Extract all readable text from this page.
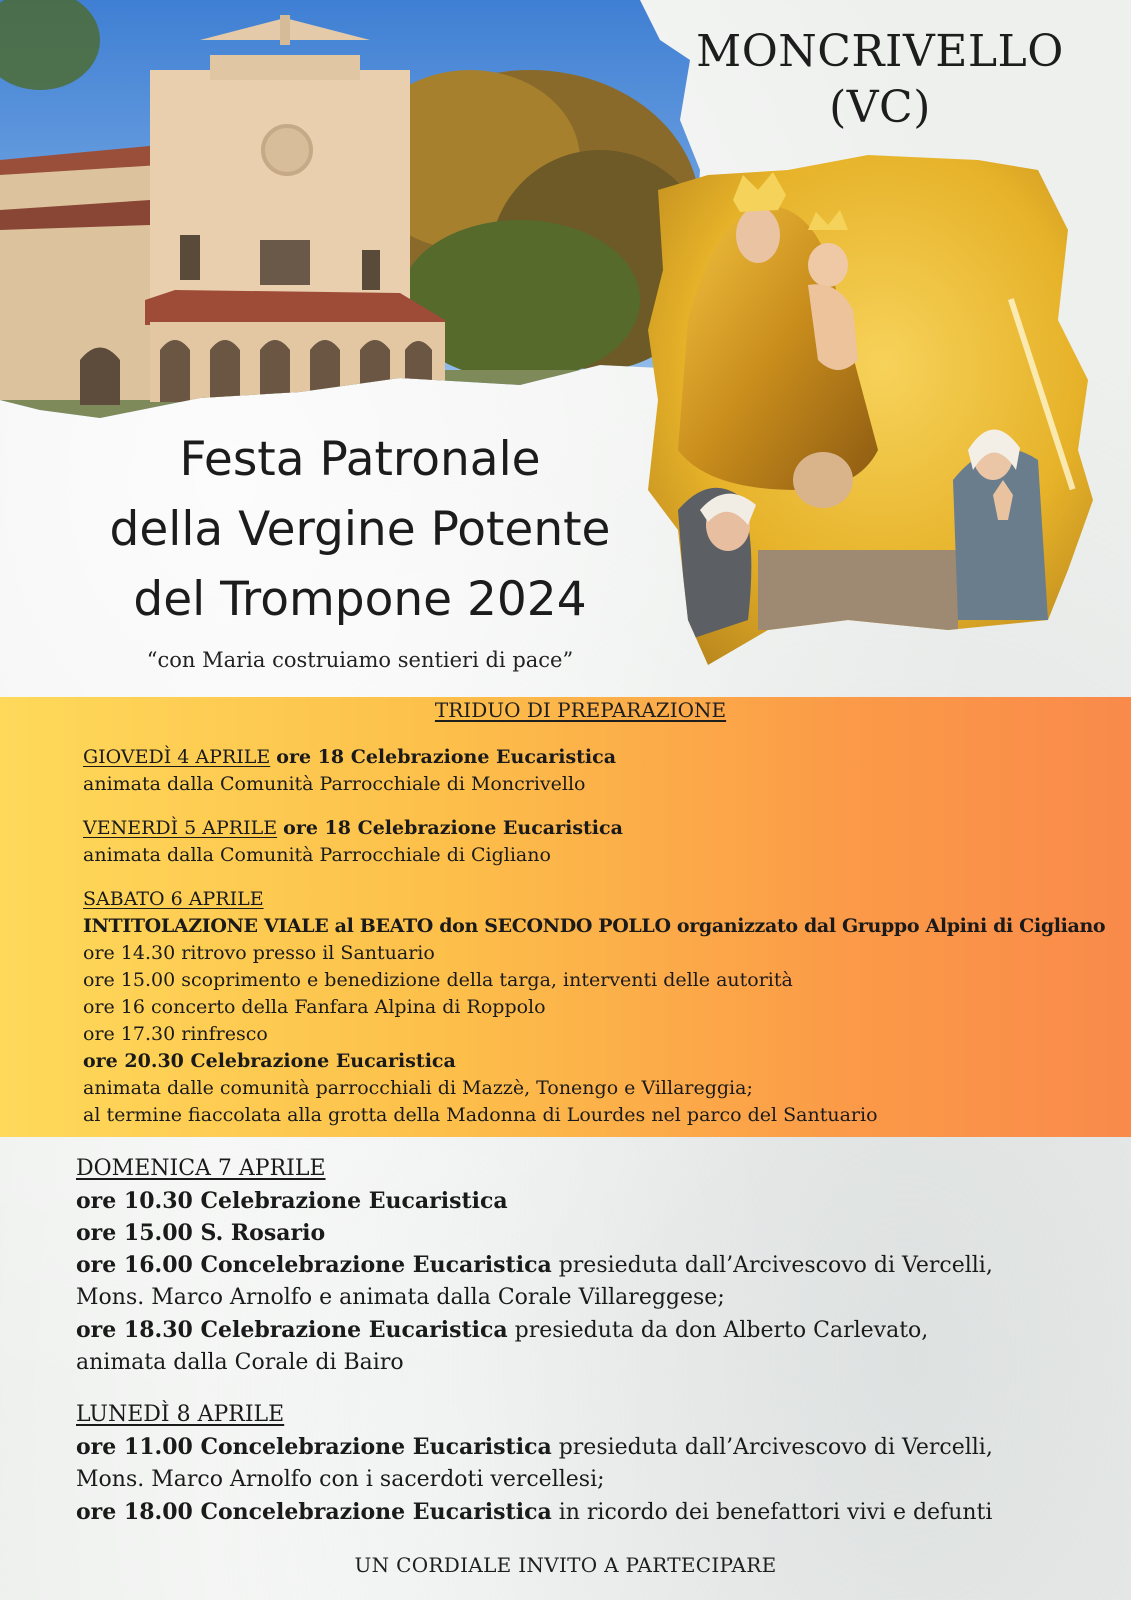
MONCRIVELLO
(VC)
Festa Patronale
della Vergine Potente
del Trompone 2024
“con Maria costruiamo sentieri di pace”
TRIDUO DI PREPARAZIONE
GIOVEDÌ 4 APRILE ore 18 Celebrazione Eucaristica
animata dalla Comunità Parrocchiale di Moncrivello
VENERDÌ 5 APRILE ore 18 Celebrazione Eucaristica
animata dalla Comunità Parrocchiale di Cigliano
SABATO 6 APRILE
INTITOLAZIONE VIALE al BEATO don SECONDO POLLO organizzato dal Gruppo Alpini di Cigliano
ore 14.30 ritrovo presso il Santuario
ore 15.00 scoprimento e benedizione della targa, interventi delle autorità
ore 16 concerto della Fanfara Alpina di Roppolo
ore 17.30 rinfresco
ore 20.30 Celebrazione Eucaristica
animata dalle comunità parrocchiali di Mazzè, Tonengo e Villareggia;
al termine fiaccolata alla grotta della Madonna di Lourdes nel parco del Santuario
DOMENICA 7 APRILE
ore 10.30 Celebrazione Eucaristica
ore 15.00 S. Rosario
ore 16.00 Concelebrazione Eucaristica presieduta dall’Arcivescovo di Vercelli,
Mons. Marco Arnolfo e animata dalla Corale Villareggese;
ore 18.30 Celebrazione Eucaristica presieduta da don Alberto Carlevato,
animata dalla Corale di Bairo
LUNEDÌ 8 APRILE
ore 11.00 Concelebrazione Eucaristica presieduta dall’Arcivescovo di Vercelli,
Mons. Marco Arnolfo con i sacerdoti vercellesi;
ore 18.00 Concelebrazione Eucaristica in ricordo dei benefattori vivi e defunti
UN CORDIALE INVITO A PARTECIPARE
